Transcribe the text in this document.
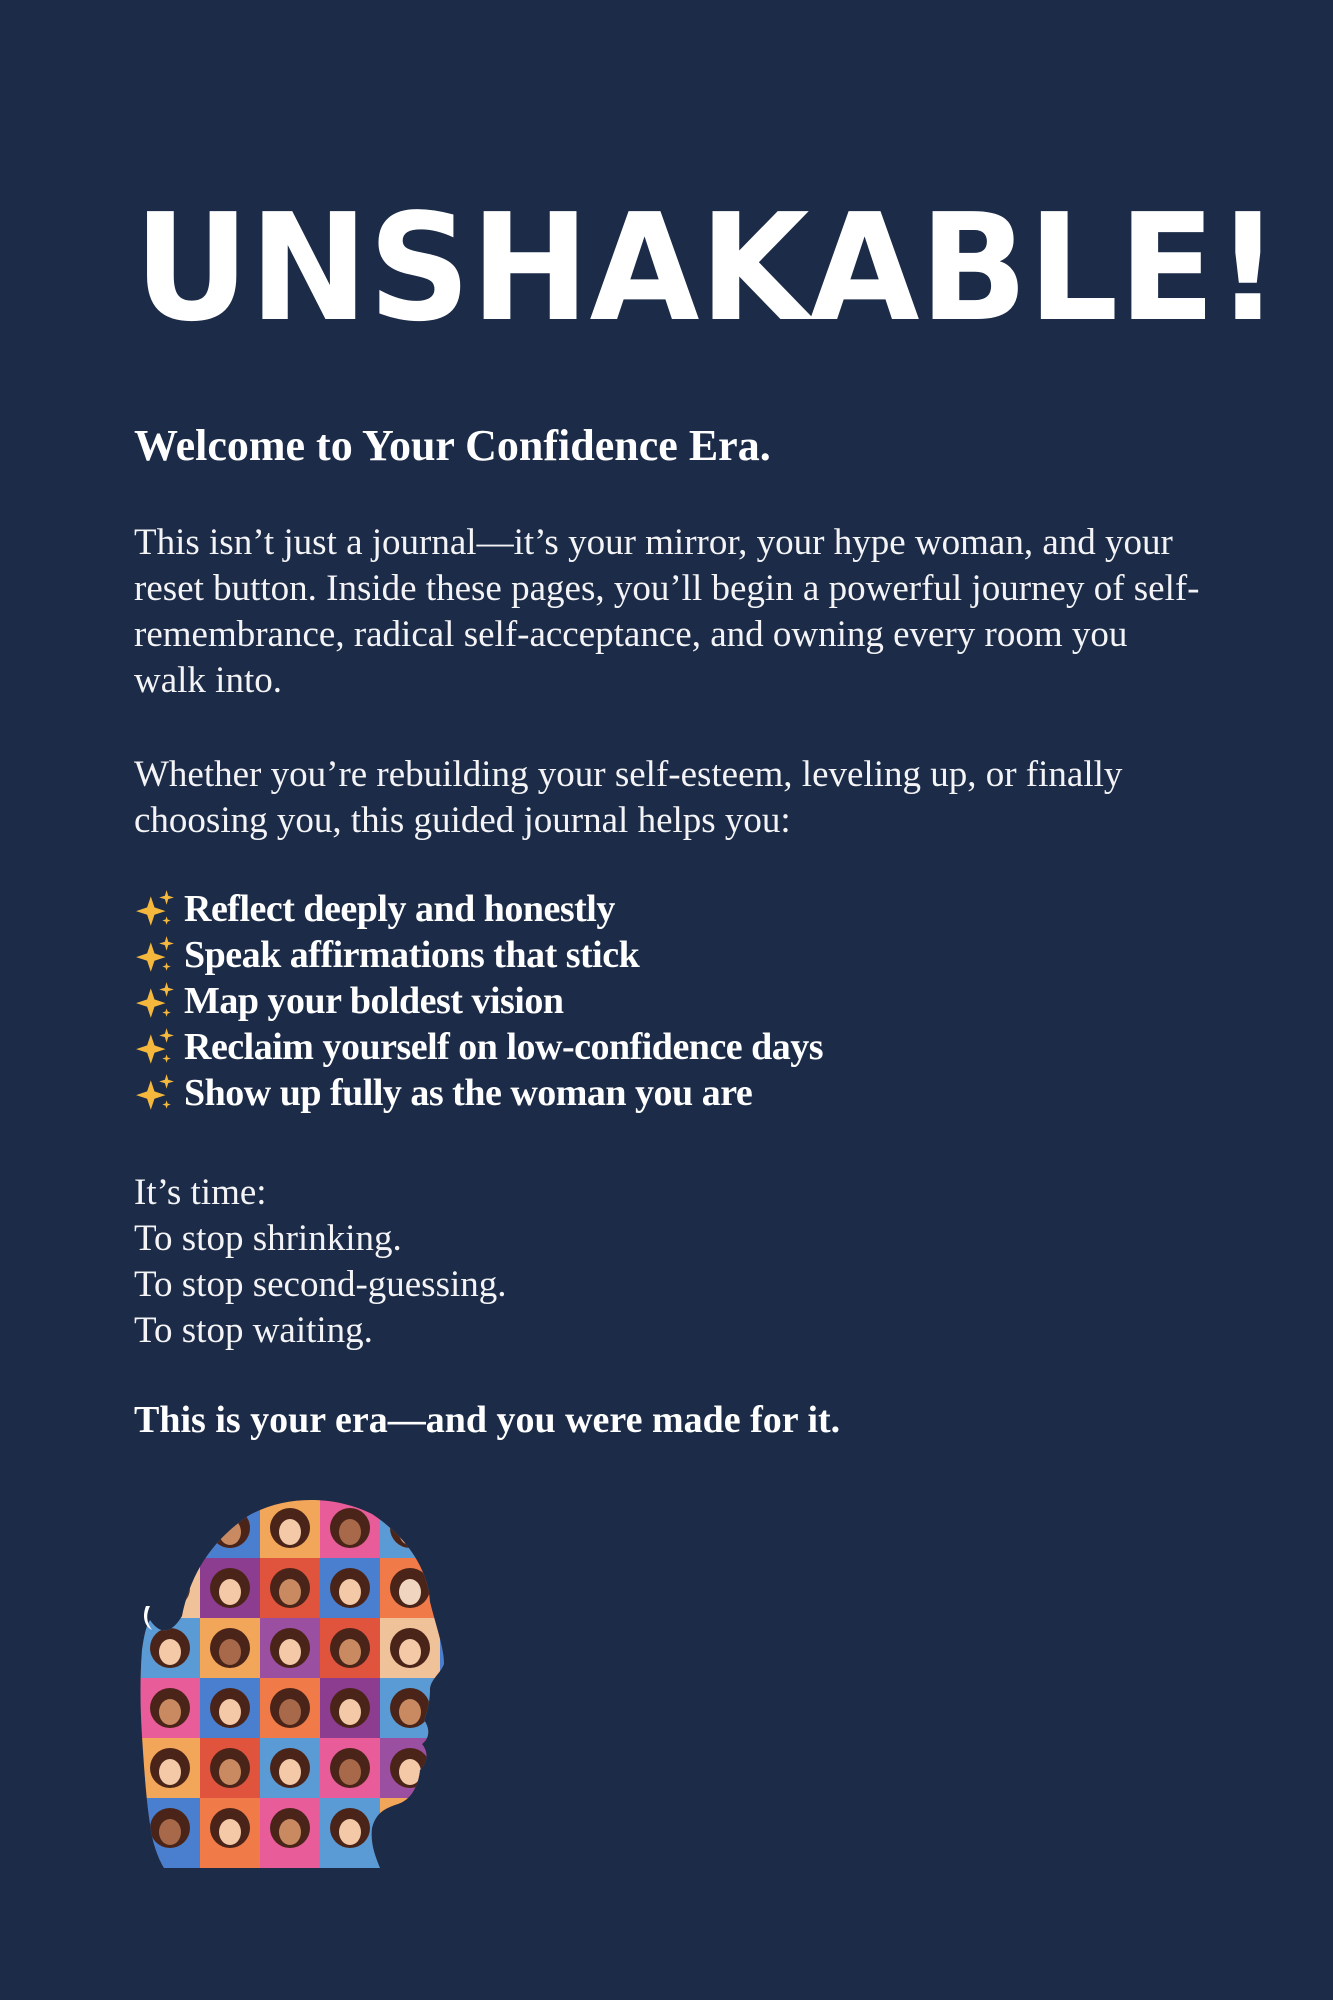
UNSHAKABLE!
Welcome to Your Confidence Era.

This isn’t just a journal—it’s your mirror, your hype woman, and your reset button. Inside these pages, you’ll begin a powerful journey of self-remembrance, radical self-acceptance, and owning every room you walk into.

Whether you’re rebuilding your self-esteem, leveling up, or finally choosing you, this guided journal helps you:

Reflect deeply and honestly
Speak affirmations that stick
Map your boldest vision
Reclaim yourself on low-confidence days
Show up fully as the woman you are
It’s time:
To stop shrinking.
To stop second-guessing.
To stop waiting.

This is your era—and you were made for it.
